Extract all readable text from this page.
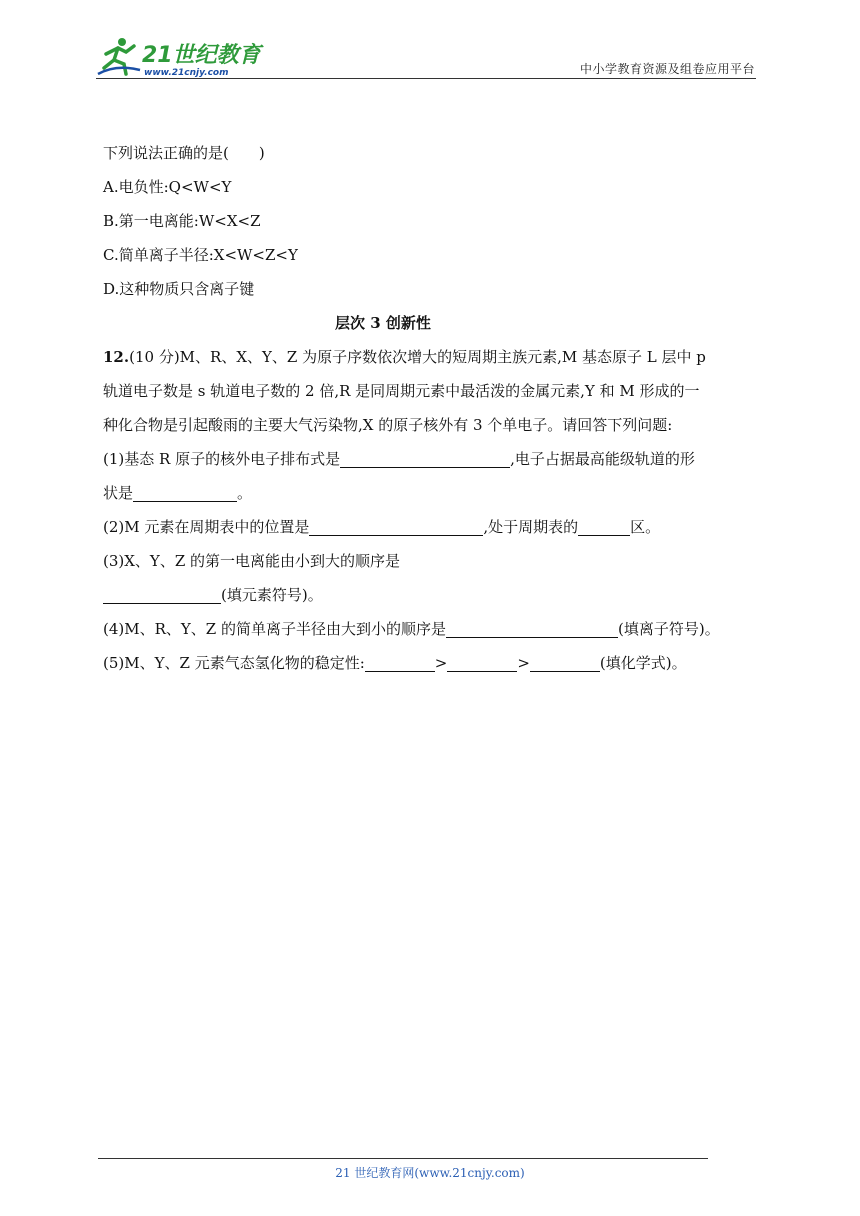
21世纪教育
www.21cnjy.com	中小学教育资源及组卷应用平台
下列说法正确的是(　　)
A.电负性:Q<W<Y
B.第一电离能:W<X<Z
C.简单离子半径:X<W<Z<Y
D.这种物质只含离子键
层次 3 创新性
12.(10 分)M、R、X、Y、Z 为原子序数依次增大的短周期主族元素,M 基态原子 L 层中 p
轨道电子数是 s 轨道电子数的 2 倍,R 是同周期元素中最活泼的金属元素,Y 和 M 形成的一
种化合物是引起酸雨的主要大气污染物,X 的原子核外有 3 个单电子。请回答下列问题:
(1)基态 R 原子的核外电子排布式是	,电子占据最高能级轨道的形
状是	。
(2)M 元素在周期表中的位置是	,处于周期表的	区。
(3)X、Y、Z 的第一电离能由小到大的顺序是
(填元素符号)。
(4)M、R、Y、Z 的简单离子半径由大到小的顺序是	(填离子符号)。
(5)M、Y、Z 元素气态氢化物的稳定性:	>	>	(填化学式)。
21 世纪教育网(www.21cnjy.com)
